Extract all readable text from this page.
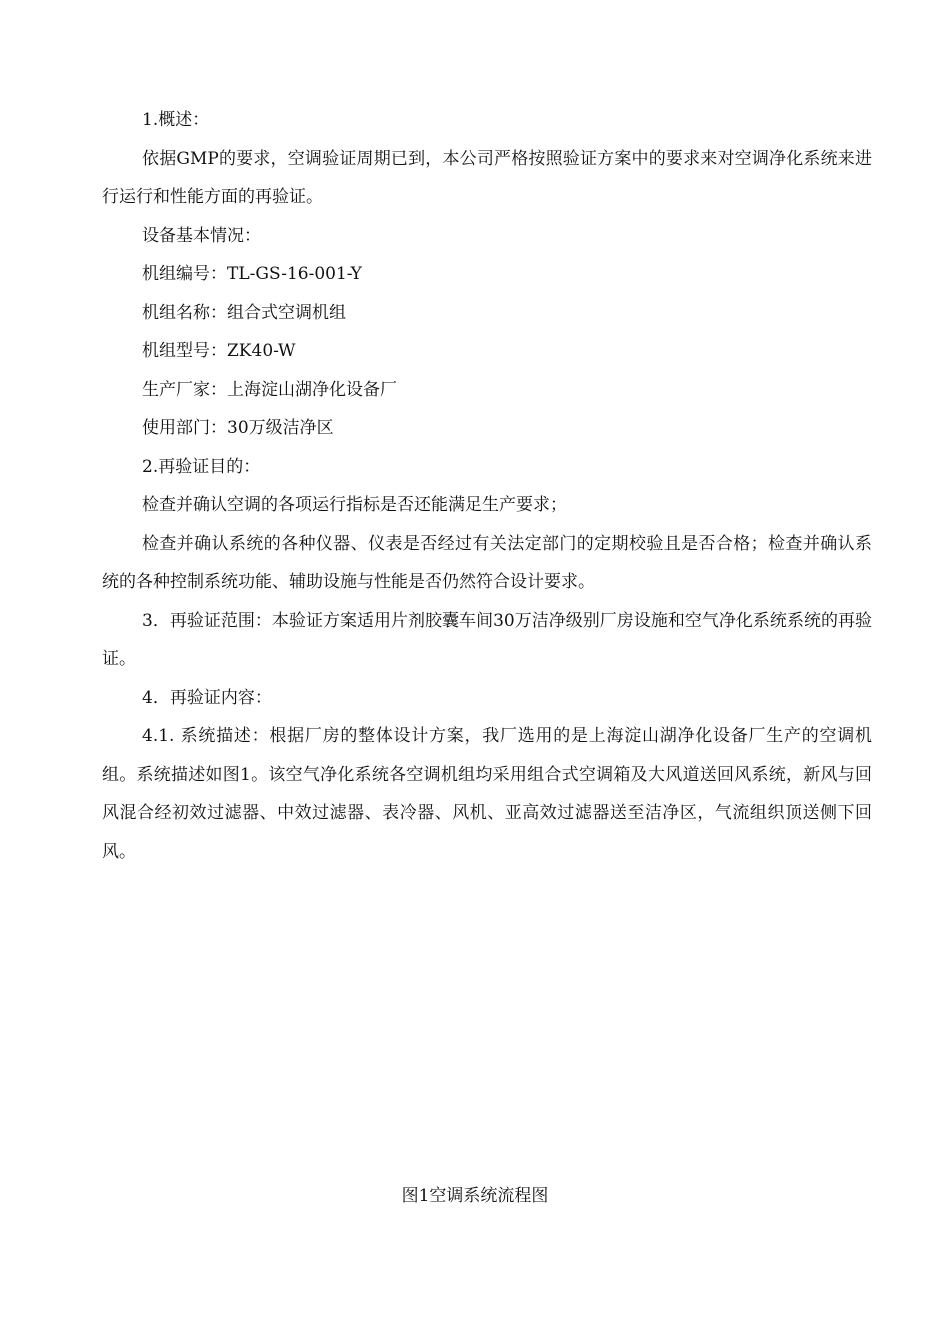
1.概述：

依据GMP的要求，空调验证周期已到，本公司严格按照验证方案中的要求来对空调净化系统来进行运行和性能方面的再验证。

设备基本情况：

机组编号：TL-GS-16-001-Y

机组名称：组合式空调机组

机组型号：ZK40-W

生产厂家：上海淀山湖净化设备厂

使用部门：30万级洁净区

2.再验证目的：

检查并确认空调的各项运行指标是否还能满足生产要求；

检查并确认系统的各种仪器、仪表是否经过有关法定部门的定期校验且是否合格；检查并确认系统的各种控制系统功能、辅助设施与性能是否仍然符合设计要求。

3．再验证范围：本验证方案适用片剂胶囊车间30万洁净级别厂房设施和空气净化系统系统的再验证。

4．再验证内容：

4.1. 系统描述：根据厂房的整体设计方案，我厂选用的是上海淀山湖净化设备厂生产的空调机组。系统描述如图1。该空气净化系统各空调机组均采用组合式空调箱及大风道送回风系统，新风与回风混合经初效过滤器、中效过滤器、表冷器、风机、亚高效过滤器送至洁净区，气流组织顶送侧下回风。

图1空调系统流程图
